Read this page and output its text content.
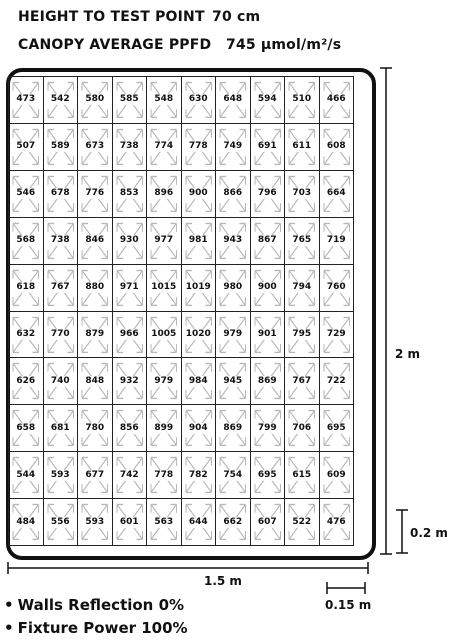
HEIGHT TO TEST POINT 70 cm
CANOPY AVERAGE PPFD 745 µmol/m²/s
473 542 580 585 548 630 648 594 510 466
507 589 673 738 774 778 749 691 611 608
546 678 776 853 896 900 866 796 703 664
568 738 846 930 977 981 943 867 765 719
618 767 880 971 1015 1019 980 900 794 760
632 770 879 966 1005 1020 979 901 795 729
626 740 848 932 979 984 945 869 767 722
658 681 780 856 899 904 869 799 706 695
544 593 677 742 778 782 754 695 615 609
484 556 593 601 563 644 662 607 522 476
1.5 m
2 m
0.2 m
0.15 m
• Walls Reflection 0%
• Fixture Power 100%
